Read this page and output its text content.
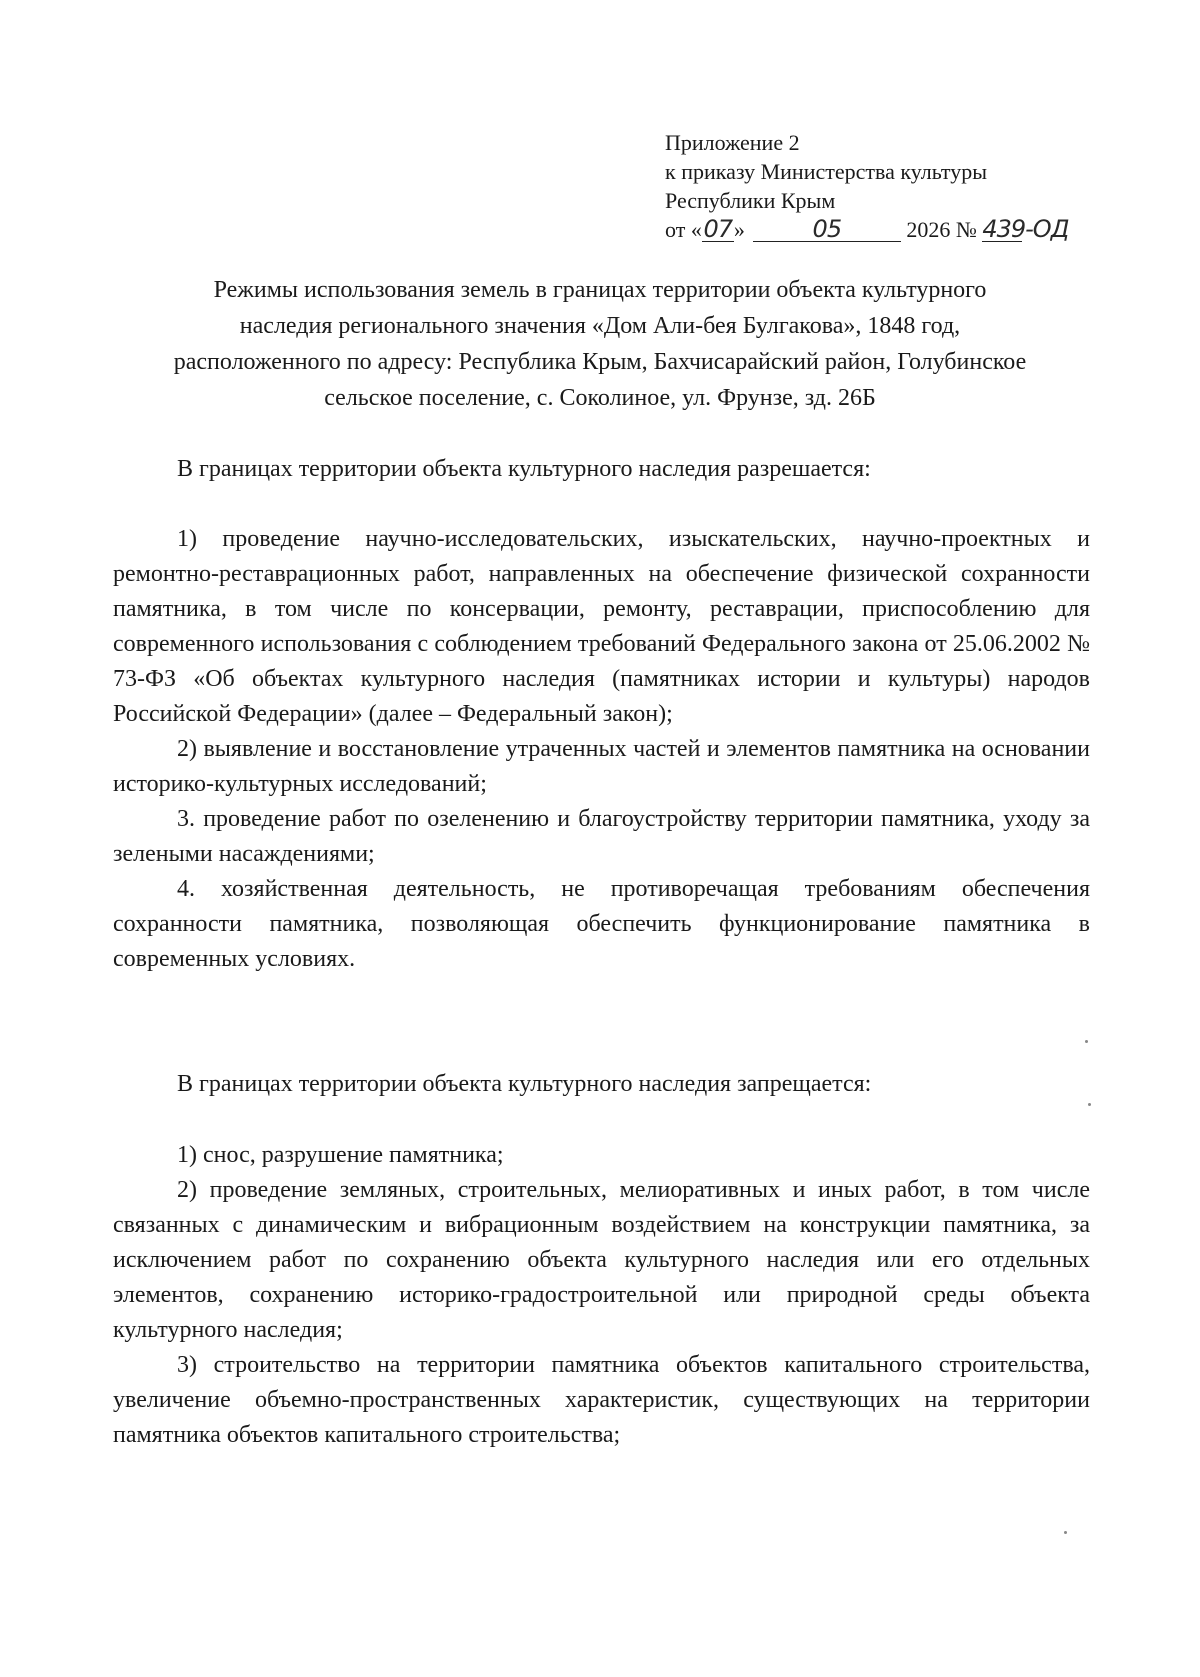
Приложение 2
к приказу Министерства культуры
Республики Крым
от «07»	05	2026 № 439-ОД
Режимы использования земель в границах территории объекта культурного
наследия регионального значения «Дом Али-бея Булгакова», 1848 год,
расположенного по адресу: Республика Крым, Бахчисарайский район, Голубинское
сельское поселение, с. Соколиное, ул. Фрунзе, зд. 26Б

В границах территории объекта культурного наследия разрешается:

1) проведение научно-исследовательских, изыскательских, научно-проектных и ремонтно-реставрационных работ, направленных на обеспечение физической сохранности памятника, в том числе по консервации, ремонту, реставрации, приспособлению для современного использования с соблюдением требований Федерального закона от 25.06.2002 № 73-ФЗ «Об объектах культурного наследия (памятниках истории и культуры) народов Российской Федерации» (далее – Федеральный закон);

2) выявление и восстановление утраченных частей и элементов памятника на основании историко-культурных исследований;

3. проведение работ по озеленению и благоустройству территории памятника, уходу за зелеными насаждениями;

4. хозяйственная деятельность, не противоречащая требованиям обеспечения сохранности памятника, позволяющая обеспечить функционирование памятника в современных условиях.

В границах территории объекта культурного наследия запрещается:

1) снос, разрушение памятника;

2) проведение земляных, строительных, мелиоративных и иных работ, в том числе связанных с динамическим и вибрационным воздействием на конструкции памятника, за исключением работ по сохранению объекта культурного наследия или его отдельных элементов, сохранению историко-градостроительной или природной среды объекта культурного наследия;

3) строительство на территории памятника объектов капитального строительства, увеличение объемно-пространственных характеристик, существующих на территории памятника объектов капитального строительства;
